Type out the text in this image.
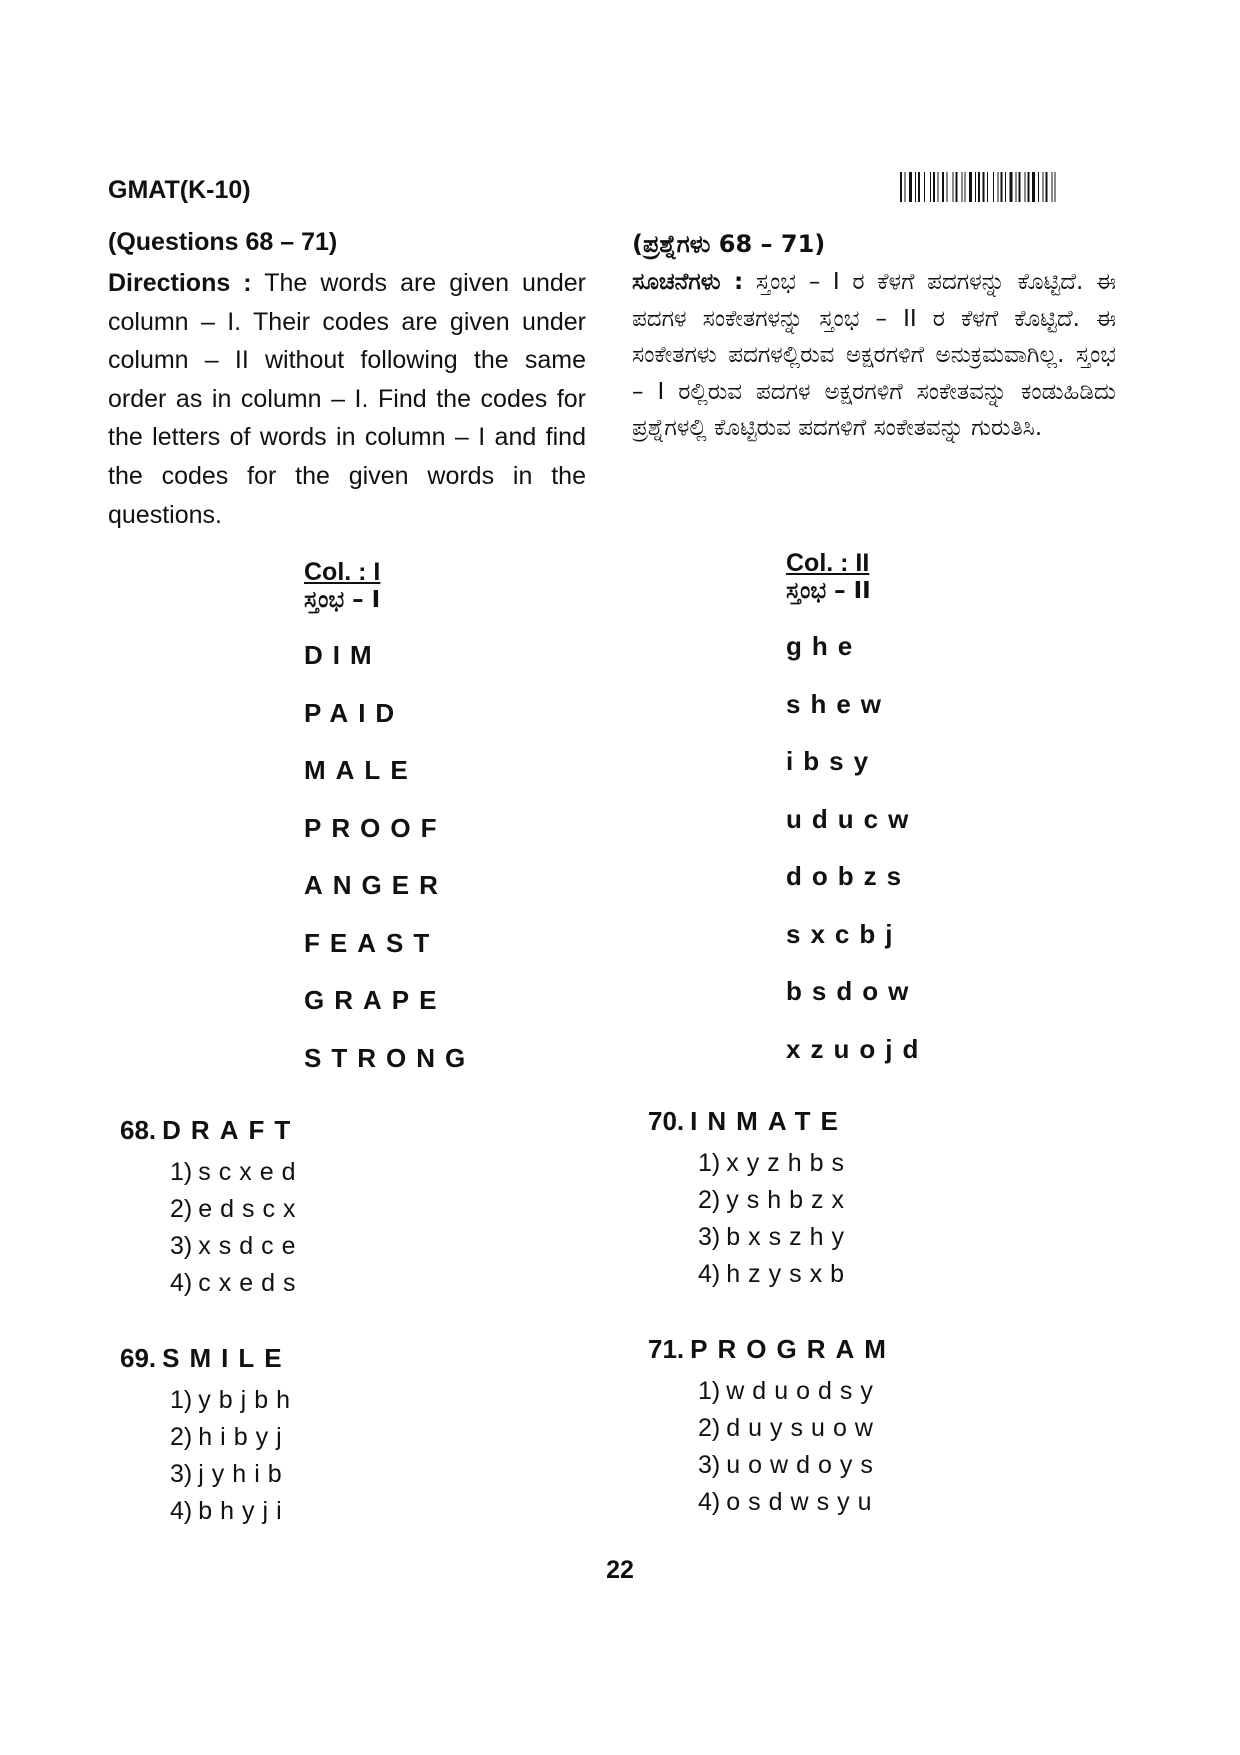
GMAT(K-10)
(Questions 68 – 71)
Directions : The words are given under column – I. Their codes are given under column – II without following the same order as in column – I. Find the codes for the letters of words in column – I and find the codes for the given words in the questions.
(ಪ್ರಶ್ನೆಗಳು 68 – 71)
ಸೂಚನೆಗಳು : ಸ್ತಂಭ – I ರ ಕೆಳಗೆ ಪದಗಳನ್ನು ಕೊಟ್ಟಿದೆ. ಈ ಪದಗಳ ಸಂಕೇತಗಳನ್ನು ಸ್ತಂಭ – II ರ ಕೆಳಗೆ ಕೊಟ್ಟಿದೆ. ಈ ಸಂಕೇತಗಳು ಪದಗಳಲ್ಲಿರುವ ಅಕ್ಷರಗಳಿಗೆ ಅನುಕ್ರಮವಾಗಿಲ್ಲ. ಸ್ತಂಭ – I ರಲ್ಲಿರುವ ಪದಗಳ ಅಕ್ಷರಗಳಿಗೆ ಸಂಕೇತವನ್ನು ಕಂಡುಹಿಡಿದು ಪ್ರಶ್ನೆಗಳಲ್ಲಿ ಕೊಟ್ಟಿರುವ ಪದಗಳಿಗೆ ಸಂಕೇತವನ್ನು ಗುರುತಿಸಿ.
Col. : I
ಸ್ತಂಭ – I
DIM
PAID
MALE
PROOF
ANGER
FEAST
GRAPE
STRONG
Col. : II
ಸ್ತಂಭ – II
ghe
shew
ibsy
uducw
dobzs
sxcbj
bsdow
xzuojd
68. DRAFT
1) scxed
2) edscx
3) xsdce
4) cxeds
69. SMILE
1) ybjbh
2) hibyj
3) jyhib
4) bhyji
70. INMATE
1) xyzhbs
2) yshbzx
3) bxszhy
4) hzysxb
71. PROGRAM
1) wduodsy
2) duysuow
3) uowdoys
4) osdwsyu
22
